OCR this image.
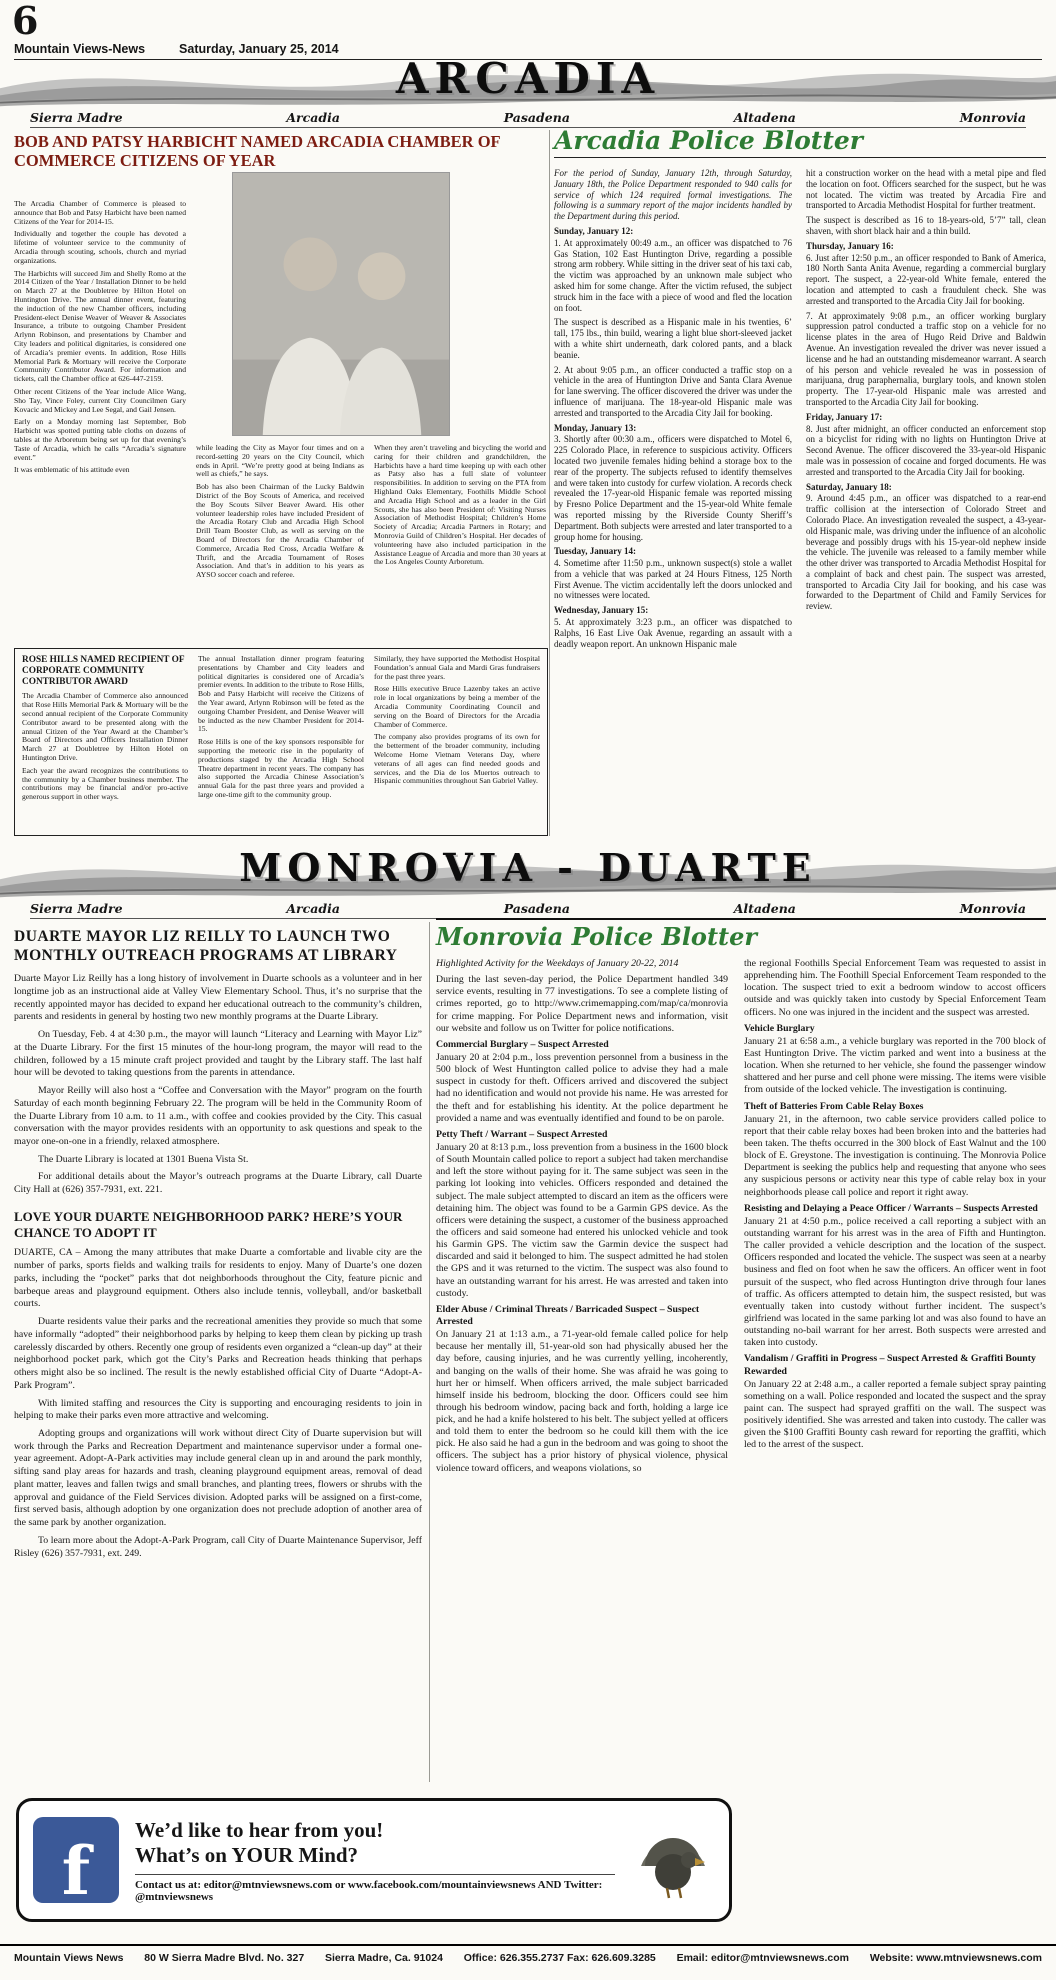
6
Mountain Views-News	Saturday, January 25, 2014
ARCADIA
Sierra Madre	Arcadia	Pasadena	Altadena	Monrovia
BOB AND PATSY HARBICHT NAMED ARCADIA CHAMBER OF COMMERCE CITIZENS OF YEAR

The Arcadia Chamber of Commerce is pleased to announce that Bob and Patsy Harbicht have been named Citizens of the Year for 2014-15.

Individually and together the couple has devoted a lifetime of volunteer service to the community of Arcadia through scouting, schools, church and myriad organizations.

The Harbichts will succeed Jim and Shelly Romo at the 2014 Citizen of the Year / Installation Dinner to be held on March 27 at the Doubletree by Hilton Hotel on Huntington Drive. The annual dinner event, featuring the induction of the new Chamber officers, including President-elect Denise Weaver of Weaver & Associates Insurance, a tribute to outgoing Chamber President Arlynn Robinson, and presentations by Chamber and City leaders and political dignitaries, is considered one of Arcadia’s premier events. In addition, Rose Hills Memorial Park & Mortuary will receive the Corporate Community Contributor Award. For information and tickets, call the Chamber office at 626-447-2159.

Other recent Citizens of the Year include Alice Wang, Sho Tay, Vince Foley, current City Councilmen Gary Kovacic and Mickey and Lee Segal, and Gail Jensen.

Early on a Monday morning last September, Bob Harbicht was spotted putting table cloths on dozens of tables at the Arboretum being set up for that evening’s Taste of Arcadia, which he calls “Arcadia’s signature event.”

It was emblematic of his attitude even

while leading the City as Mayor four times and on a record-setting 20 years on the City Council, which ends in April. “We’re pretty good at being Indians as well as chiefs,” he says.

Bob has also been Chairman of the Lucky Baldwin District of the Boy Scouts of America, and received the Boy Scouts Silver Beaver Award. His other volunteer leadership roles have included President of the Arcadia Rotary Club and Arcadia High School Drill Team Booster Club, as well as serving on the Board of Directors for the Arcadia Chamber of Commerce, Arcadia Red Cross, Arcadia Welfare & Thrift, and the Arcadia Tournament of Roses Association. And that’s in addition to his years as AYSO soccer coach and referee.

When they aren’t traveling and bicycling the world and caring for their children and grandchildren, the Harbichts have a hard time keeping up with each other as Patsy also has a full slate of volunteer responsibilities. In addition to serving on the PTA from Highland Oaks Elementary, Foothills Middle School and Arcadia High School and as a leader in the Girl Scouts, she has also been President of: Visiting Nurses Association of Methodist Hospital; Children’s Home Society of Arcadia; Arcadia Partners in Rotary; and Monrovia Guild of Children’s Hospital. Her decades of volunteering have also included participation in the Assistance League of Arcadia and more than 30 years at the Los Angeles County Arboretum.

ROSE HILLS NAMED RECIPIENT OF CORPORATE COMMUNITY CONTRIBUTOR AWARD

The Arcadia Chamber of Commerce also announced that Rose Hills Memorial Park & Mortuary will be the second annual recipient of the Corporate Community Contributor award to be presented along with the annual Citizen of the Year Award at the Chamber’s Board of Directors and Officers Installation Dinner March 27 at Doubletree by Hilton Hotel on Huntington Drive.

Each year the award recognizes the contributions to the community by a Chamber business member. The contributions may be financial and/or pro-active generous support in other ways.

The annual Installation dinner program featuring presentations by Chamber and City leaders and political dignitaries is considered one of Arcadia’s premier events. In addition to the tribute to Rose Hills, Bob and Patsy Harbicht will receive the Citizens of the Year award, Arlynn Robinson will be feted as the outgoing Chamber President, and Denise Weaver will be inducted as the new Chamber President for 2014-15.

Rose Hills is one of the key sponsors responsible for supporting the meteoric rise in the popularity of productions staged by the Arcadia High School Theatre department in recent years. The company has also supported the Arcadia Chinese Association’s annual Gala for the past three years and provided a large one-time gift to the community group.

Similarly, they have supported the Methodist Hospital Foundation’s annual Gala and Mardi Gras fundraisers for the past three years.

Rose Hills executive Bruce Lazenby takes an active role in local organizations by being a member of the Arcadia Community Coordinating Council and serving on the Board of Directors for the Arcadia Chamber of Commerce.

The company also provides programs of its own for the betterment of the broader community, including Welcome Home Vietnam Veterans Day, where veterans of all ages can find needed goods and services, and the Dia de los Muertos outreach to Hispanic communities throughout San Gabriel Valley.

Arcadia Police Blotter

For the period of Sunday, January 12th, through Saturday, January 18th, the Police Department responded to 940 calls for service of which 124 required formal investigations. The following is a summary report of the major incidents handled by the Department during this period.

Sunday, January 12:

1. At approximately 00:49 a.m., an officer was dispatched to 76 Gas Station, 102 East Huntington Drive, regarding a possible strong arm robbery. While sitting in the driver seat of his taxi cab, the victim was approached by an unknown male subject who asked him for some change. After the victim refused, the subject struck him in the face with a piece of wood and fled the location on foot.

The suspect is described as a Hispanic male in his twenties, 6’ tall, 175 lbs., thin build, wearing a light blue short-sleeved jacket with a white shirt underneath, dark colored pants, and a black beanie.

2. At about 9:05 p.m., an officer conducted a traffic stop on a vehicle in the area of Huntington Drive and Santa Clara Avenue for lane swerving. The officer discovered the driver was under the influence of marijuana. The 18-year-old Hispanic male was arrested and transported to the Arcadia City Jail for booking.

Monday, January 13:

3. Shortly after 00:30 a.m., officers were dispatched to Motel 6, 225 Colorado Place, in reference to suspicious activity. Officers located two juvenile females hiding behind a storage box to the rear of the property. The subjects refused to identify themselves and were taken into custody for curfew violation. A records check revealed the 17-year-old Hispanic female was reported missing by Fresno Police Department and the 15-year-old White female was reported missing by the Riverside County Sheriff’s Department. Both subjects were arrested and later transported to a group home for housing.

Tuesday, January 14:

4. Sometime after 11:50 p.m., unknown suspect(s) stole a wallet from a vehicle that was parked at 24 Hours Fitness, 125 North First Avenue. The victim accidentally left the doors unlocked and no witnesses were located.

Wednesday, January 15:

5. At approximately 3:23 p.m., an officer was dispatched to Ralphs, 16 East Live Oak Avenue, regarding an assault with a deadly weapon report. An unknown Hispanic male

hit a construction worker on the head with a metal pipe and fled the location on foot. Officers searched for the suspect, but he was not located. The victim was treated by Arcadia Fire and transported to Arcadia Methodist Hospital for further treatment.

The suspect is described as 16 to 18-years-old, 5’7” tall, clean shaven, with short black hair and a thin build.

Thursday, January 16:

6. Just after 12:50 p.m., an officer responded to Bank of America, 180 North Santa Anita Avenue, regarding a commercial burglary report. The suspect, a 22-year-old White female, entered the location and attempted to cash a fraudulent check. She was arrested and transported to the Arcadia City Jail for booking.

7. At approximately 9:08 p.m., an officer working burglary suppression patrol conducted a traffic stop on a vehicle for no license plates in the area of Hugo Reid Drive and Baldwin Avenue. An investigation revealed the driver was never issued a license and he had an outstanding misdemeanor warrant. A search of his person and vehicle revealed he was in possession of marijuana, drug paraphernalia, burglary tools, and known stolen property. The 17-year-old Hispanic male was arrested and transported to the Arcadia City Jail for booking.

Friday, January 17:

8. Just after midnight, an officer conducted an enforcement stop on a bicyclist for riding with no lights on Huntington Drive at Second Avenue. The officer discovered the 33-year-old Hispanic male was in possession of cocaine and forged documents. He was arrested and transported to the Arcadia City Jail for booking.

Saturday, January 18:

9. Around 4:45 p.m., an officer was dispatched to a rear-end traffic collision at the intersection of Colorado Street and Colorado Place. An investigation revealed the suspect, a 43-year-old Hispanic male, was driving under the influence of an alcoholic beverage and possibly drugs with his 15-year-old nephew inside the vehicle. The juvenile was released to a family member while the other driver was transported to Arcadia Methodist Hospital for a complaint of back and chest pain. The suspect was arrested, transported to Arcadia City Jail for booking, and his case was forwarded to the Department of Child and Family Services for review.

MONROVIA - DUARTE
Sierra Madre	Arcadia	Pasadena	Altadena	Monrovia
DUARTE MAYOR LIZ REILLY TO LAUNCH TWO MONTHLY OUTREACH PROGRAMS AT LIBRARY

Duarte Mayor Liz Reilly has a long history of involvement in Duarte schools as a volunteer and in her longtime job as an instructional aide at Valley View Elementary School. Thus, it’s no surprise that the recently appointed mayor has decided to expand her educational outreach to the community’s children, parents and residents in general by hosting two new monthly programs at the Duarte Library.

On Tuesday, Feb. 4 at 4:30 p.m., the mayor will launch “Literacy and Learning with Mayor Liz” at the Duarte Library. For the first 15 minutes of the hour-long program, the mayor will read to the children, followed by a 15 minute craft project provided and taught by the Library staff. The last half hour will be devoted to taking questions from the parents in attendance.

Mayor Reilly will also host a “Coffee and Conversation with the Mayor” program on the fourth Saturday of each month beginning February 22. The program will be held in the Community Room of the Duarte Library from 10 a.m. to 11 a.m., with coffee and cookies provided by the City. This casual conversation with the mayor provides residents with an opportunity to ask questions and speak to the mayor one-on-one in a friendly, relaxed atmosphere.

The Duarte Library is located at 1301 Buena Vista St.

For additional details about the Mayor’s outreach programs at the Duarte Library, call Duarte City Hall at (626) 357-7931, ext. 221.

LOVE YOUR DUARTE NEIGHBORHOOD PARK? HERE’S YOUR CHANCE TO ADOPT IT

DUARTE, CA – Among the many attributes that make Duarte a comfortable and livable city are the number of parks, sports fields and walking trails for residents to enjoy. Many of Duarte’s one dozen parks, including the “pocket” parks that dot neighborhoods throughout the City, feature picnic and barbeque areas and playground equipment. Others also include tennis, volleyball, and/or basketball courts.

Duarte residents value their parks and the recreational amenities they provide so much that some have informally “adopted” their neighborhood parks by helping to keep them clean by picking up trash carelessly discarded by others. Recently one group of residents even organized a “clean-up day” at their neighborhood pocket park, which got the City’s Parks and Recreation heads thinking that perhaps others might also be so inclined. The result is the newly established official City of Duarte “Adopt-A-Park Program”.

With limited staffing and resources the City is supporting and encouraging residents to join in helping to make their parks even more attractive and welcoming.

Adopting groups and organizations will work without direct City of Duarte supervision but will work through the Parks and Recreation Department and maintenance supervisor under a formal one-year agreement. Adopt-A-Park activities may include general clean up in and around the park monthly, sifting sand play areas for hazards and trash, cleaning playground equipment areas, removal of dead plant matter, leaves and fallen twigs and small branches, and planting trees, flowers or shrubs with the approval and guidance of the Field Services division. Adopted parks will be assigned on a first-come, first served basis, although adoption by one organization does not preclude adoption of another area of the same park by another organization.

To learn more about the Adopt-A-Park Program, call City of Duarte Maintenance Supervisor, Jeff Risley (626) 357-7931, ext. 249.

Monrovia Police Blotter

Highlighted Activity for the Weekdays of January 20-22, 2014

During the last seven-day period, the Police Department handled 349 service events, resulting in 77 investigations. To see a complete listing of crimes reported, go to http://www.crimemapping.com/map/ca/monrovia for crime mapping. For Police Department news and information, visit our website and follow us on Twitter for police notifications.

Commercial Burglary – Suspect Arrested

January 20 at 2:04 p.m., loss prevention personnel from a business in the 500 block of West Huntington called police to advise they had a male suspect in custody for theft. Officers arrived and discovered the subject had no identification and would not provide his name. He was arrested for the theft and for establishing his identity. At the police department he provided a name and was eventually identified and found to be on parole.

Petty Theft / Warrant – Suspect Arrested

January 20 at 8:13 p.m., loss prevention from a business in the 1600 block of South Mountain called police to report a subject had taken merchandise and left the store without paying for it. The same subject was seen in the parking lot looking into vehicles. Officers responded and detained the subject. The male subject attempted to discard an item as the officers were detaining him. The object was found to be a Garmin GPS device. As the officers were detaining the suspect, a customer of the business approached the officers and said someone had entered his unlocked vehicle and took his Garmin GPS. The victim saw the Garmin device the suspect had discarded and said it belonged to him. The suspect admitted he had stolen the GPS and it was returned to the victim. The suspect was also found to have an outstanding warrant for his arrest. He was arrested and taken into custody.

Elder Abuse / Criminal Threats / Barricaded Suspect – Suspect Arrested

On January 21 at 1:13 a.m., a 71-year-old female called police for help because her mentally ill, 51-year-old son had physically abused her the day before, causing injuries, and he was currently yelling, incoherently, and banging on the walls of their home. She was afraid he was going to hurt her or himself. When officers arrived, the male subject barricaded himself inside his bedroom, blocking the door. Officers could see him through his bedroom window, pacing back and forth, holding a large ice pick, and he had a knife holstered to his belt. The subject yelled at officers and told them to enter the bedroom so he could kill them with the ice pick. He also said he had a gun in the bedroom and was going to shoot the officers. The subject has a prior history of physical violence, physical violence toward officers, and weapons violations, so

the regional Foothills Special Enforcement Team was requested to assist in apprehending him. The Foothill Special Enforcement Team responded to the location. The suspect tried to exit a bedroom window to accost officers outside and was quickly taken into custody by Special Enforcement Team officers. No one was injured in the incident and the suspect was arrested.

Vehicle Burglary

January 21 at 6:58 a.m., a vehicle burglary was reported in the 700 block of East Huntington Drive. The victim parked and went into a business at the location. When she returned to her vehicle, she found the passenger window shattered and her purse and cell phone were missing. The items were visible from outside of the locked vehicle. The investigation is continuing.

Theft of Batteries From Cable Relay Boxes

January 21, in the afternoon, two cable service providers called police to report that their cable relay boxes had been broken into and the batteries had been taken. The thefts occurred in the 300 block of East Walnut and the 100 block of E. Greystone. The investigation is continuing. The Monrovia Police Department is seeking the publics help and requesting that anyone who sees any suspicious persons or activity near this type of cable relay box in your neighborhoods please call police and report it right away.

Resisting and Delaying a Peace Officer / Warrants – Suspects Arrested

January 21 at 4:50 p.m., police received a call reporting a subject with an outstanding warrant for his arrest was in the area of Fifth and Huntington. The caller provided a vehicle description and the location of the suspect. Officers responded and located the vehicle. The suspect was seen at a nearby business and fled on foot when he saw the officers. An officer went in foot pursuit of the suspect, who fled across Huntington drive through four lanes of traffic. As officers attempted to detain him, the suspect resisted, but was eventually taken into custody without further incident. The suspect’s girlfriend was located in the same parking lot and was also found to have an outstanding no-bail warrant for her arrest. Both suspects were arrested and taken into custody.

Vandalism / Graffiti in Progress – Suspect Arrested & Graffiti Bounty Rewarded

On January 22 at 2:48 a.m., a caller reported a female subject spray painting something on a wall. Police responded and located the suspect and the spray paint can. The suspect had sprayed graffiti on the wall. The suspect was positively identified. She was arrested and taken into custody. The caller was given the $100 Graffiti Bounty cash reward for reporting the graffiti, which led to the arrest of the suspect.

f
We’d like to hear from you!
What’s on YOUR Mind?
Contact us at: editor@mtnviewsnews.com or www.facebook.com/mountainviewsnews AND Twitter: @mtnviewsnews
Mountain Views News 80 W Sierra Madre Blvd. No. 327 Sierra Madre, Ca. 91024 Office: 626.355.2737 Fax: 626.609.3285 Email: editor@mtnviewsnews.com Website: www.mtnviewsnews.com
